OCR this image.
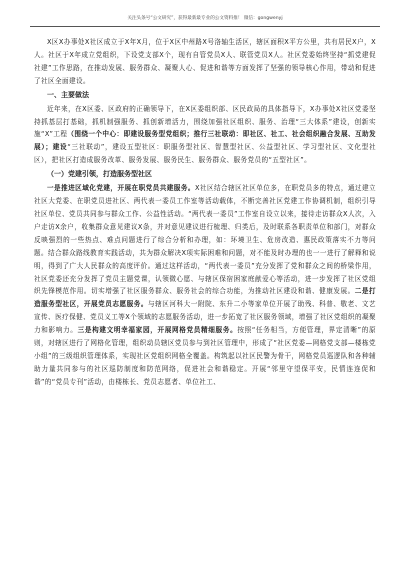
关注头条号“公文研究”，获得最新最专业的公文资料推！ 微信：gongwenyj

X区X办事处X社区成立于X年X月，位于X区中州路X号洛轴生活区，辖区面积X平方公里，共有居民X户，X人。社区于X年成立党组织，下设党支部X个，现有自管党员X人、联管党员X人。社区党委始终坚持“抓党建促社建”工作思路，在推动发展、服务群众、凝聚人心、促进和谐等方面发挥了坚强的领导核心作用，带动和促进了社区全面建设。

一、主要做法

近年来，在X区委、区政府的正确领导下，在X区委组织部、区民政局的具体指导下，X办事处X社区党委坚持抓基层打基础，抓机制强服务、抓创新增活力，围绕加强社区组织、服务、治理“三大体系”建设，创新实施“X”工程（围绕一个中心：即建设服务型党组织；推行三社联动：即社区、社工、社会组织融合发展、互助发展）；建设“三社联动”，建设五型社区：职服务型社区、智慧型社区、公益型社区、学习型社区、文化型社区），把社区打造成服务改革、服务发展、服务民生、服务群众、服务党员的“五型社区”。

（一）党建引领，打造服务型社区

一是推进区域化党建，开展在职党员共建服务。X社区结合辖区社区单位多，在职党员多的特点，通过建立社区大党委、在职党员进社区、两代表一委员工作室等活动载体，不断完善社区党建工作协调机制，组织引导社区单位、党员共同参与群众工作、公益性活动。“两代表一委员”工作室自设立以来，接待走访群众X人次，入户走访X余户，收集群众意见建议X条，并对意见建议进行梳理、归类后，及时联系各职责单位和部门，对群众反映强烈的一些热点、难点问题进行了综合分析和办理，如：环境卫生、危房改造、惠民政策落实不力等问题。结合群众路线教育实践活动，共为群众解决X项实际困难和问题，对不能及时办理的也一一进行了解释和说明，得到了广大人民群众的高度评价。通过这样活动，“两代表一委员”充分发挥了党和群众之间的桥梁作用，社区党委还充分发挥了党员主题党课，认领微心愿、与辖区保宿困家庭献爱心等活动，进一步发挥了社区党组织先锋模范作用。切实增强了社区服务群众、服务社会的综合功能，为推动社区建设和谐、健康发展。二是打造服务型社区，开展党员志愿服务。与辖区河科大一附院、东升二小等家单位开展了助残、科普、敬老、文艺宣传、医疗保健、党员义工等X个领域的志愿服务活动，进一步拓宽了社区服务领域，增强了社区党组织的凝聚力和影响力。三是构建文明幸福家园，开展网格党员精细服务。按照“任务相当，方便管理，界定清晰”的原则，对辖区进行了网格化管理，组织动员辖区党员参与到社区管理中，形成了“社区党委—网格党支部—楼栋党小组”的三级组织管理体系，实现社区党组织网格全覆盖。构筑起以社区民警为骨干，网格党员巡逻队和各种辅助力量共同参与的社区巡防制度和防范网络，促进社会和谐稳定。开展“邻里守望保平安，民情连连促和谐”的“党员专刊”活动，由楼栋长、党员志愿者、单位社工、
